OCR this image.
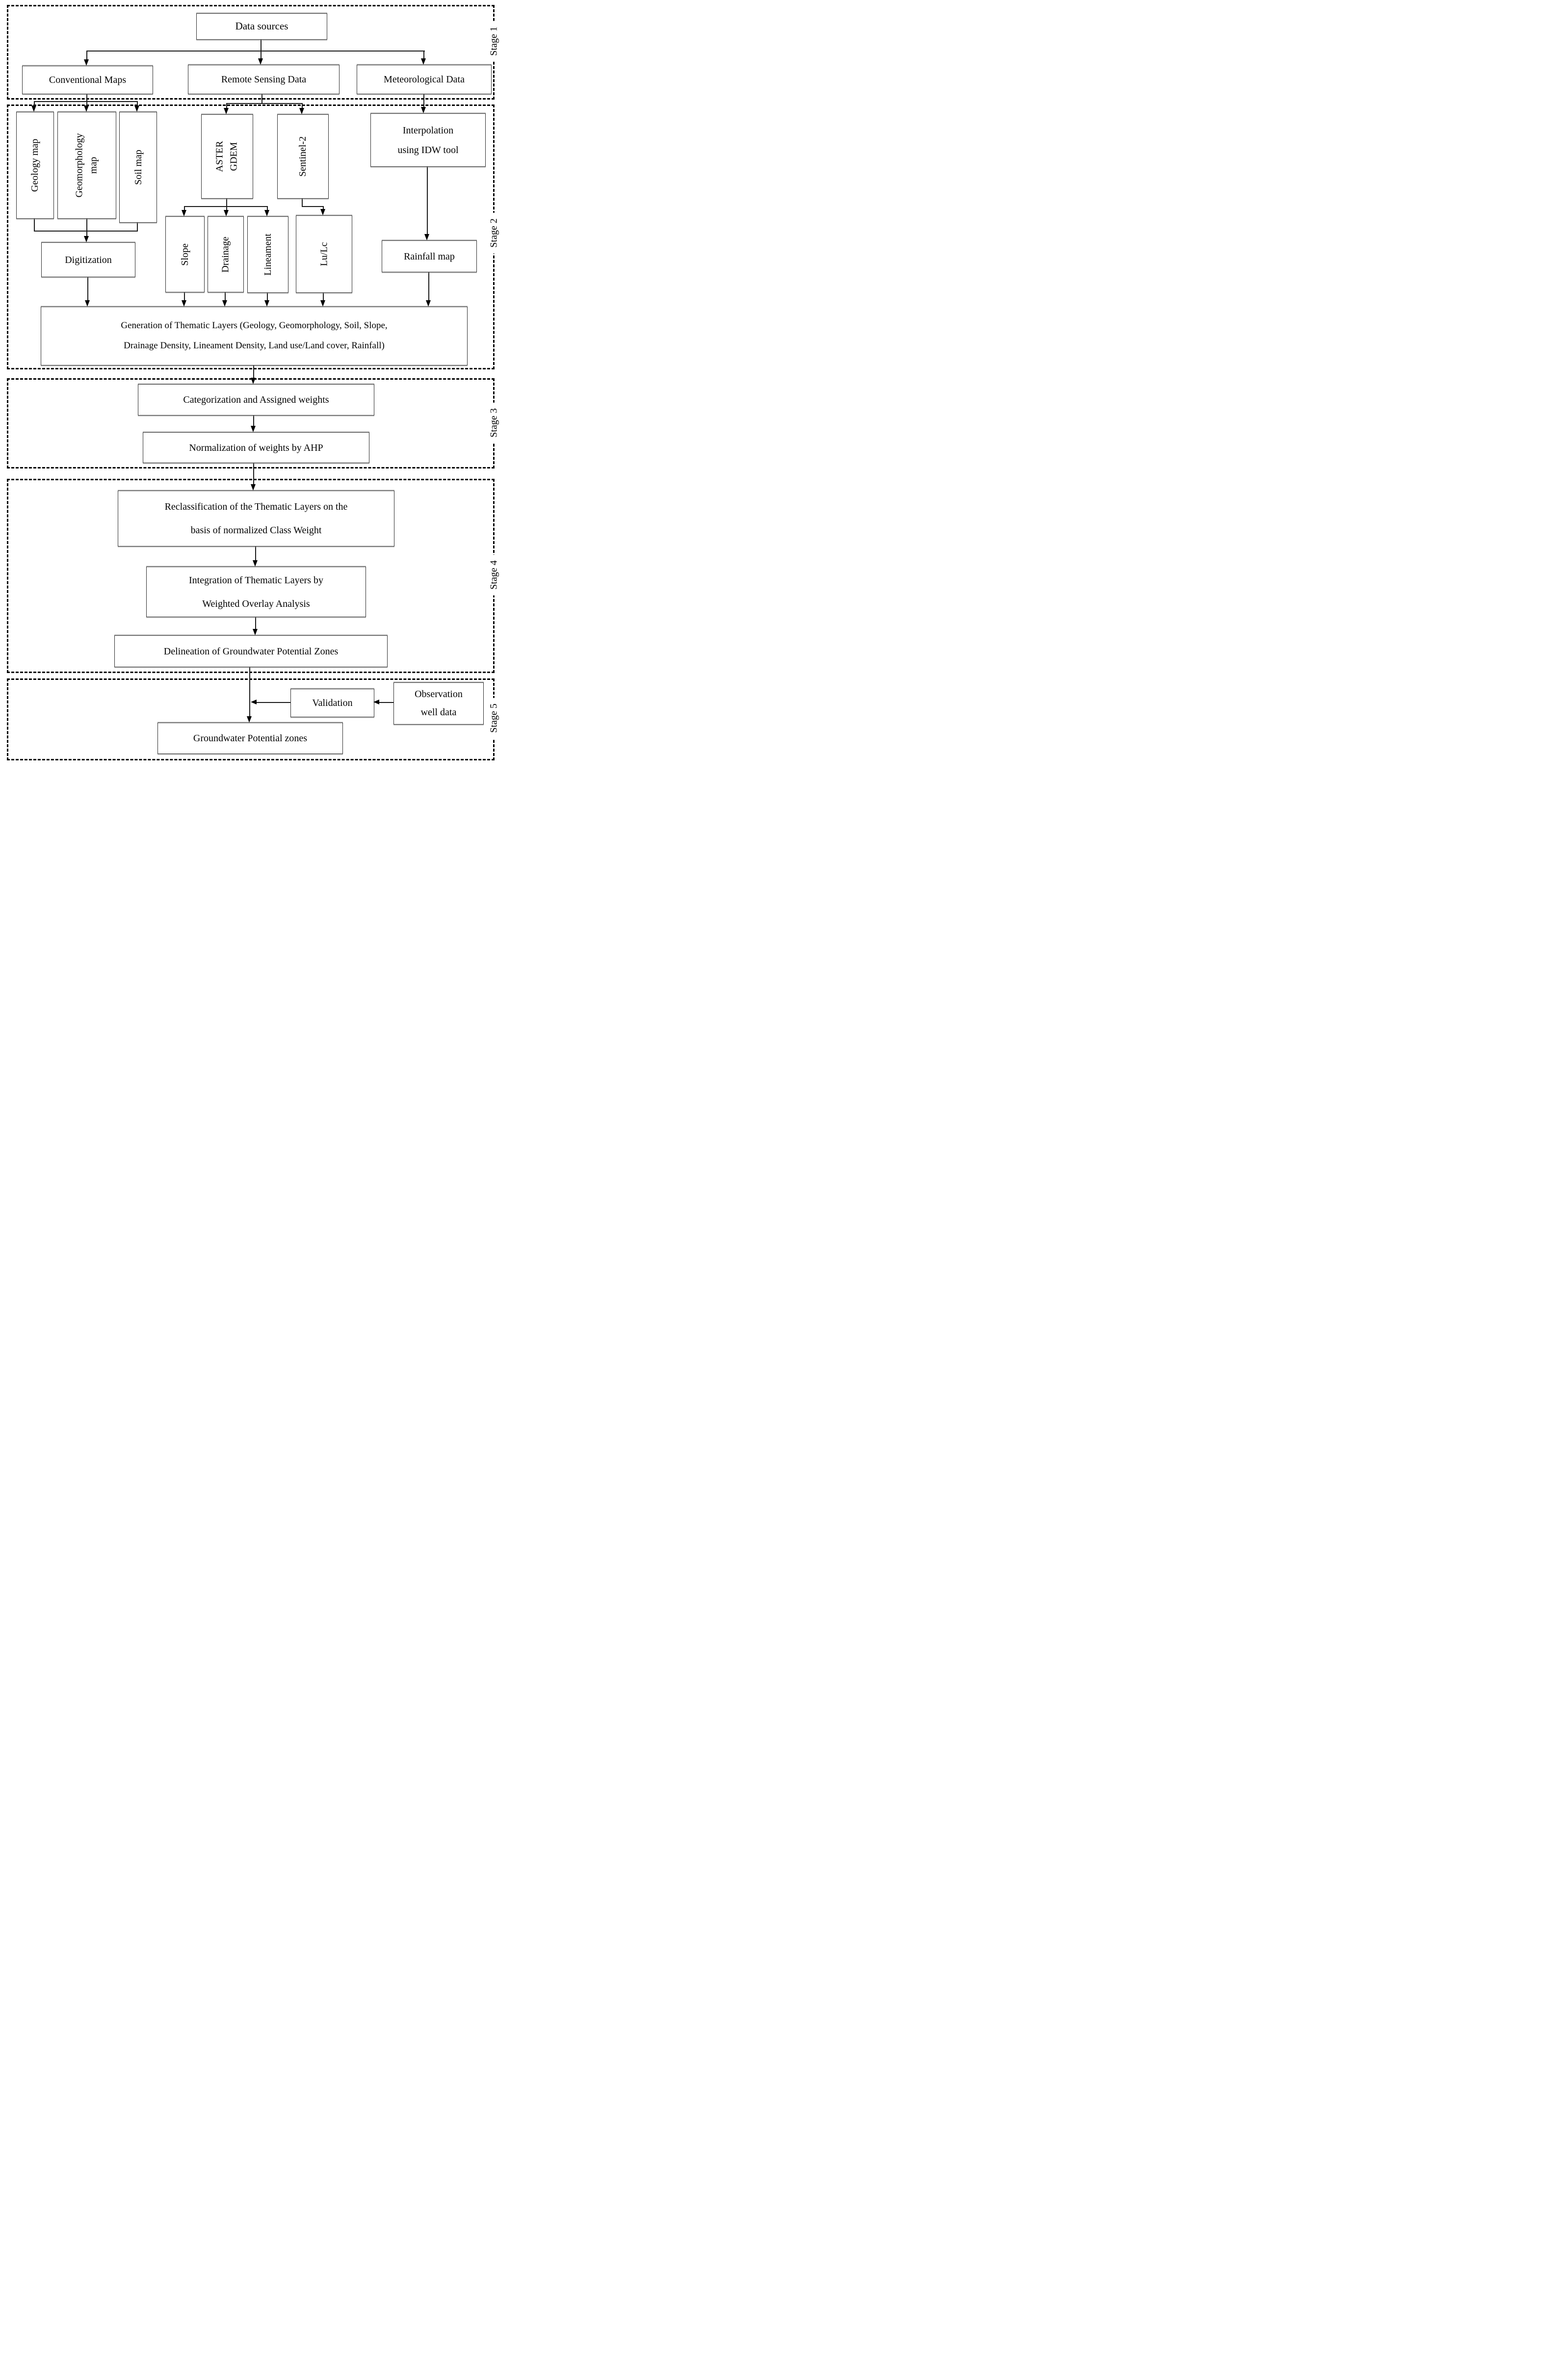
Stage 1
Stage 2
Stage 3
Stage 4
Stage 5
Data sources
Conventional Maps	Remote Sensing Data	Meteorological Data
Geology map	Geomorphology map	Soil map	ASTER GDEM	Sentinel-2
Interpolation
using IDW tool
Slope	Drainage	Lineament	Lu/Lc
Digitization	Rainfall map
Generation of Thematic Layers (Geology, Geomorphology, Soil, Slope,
Drainage Density, Lineament Density, Land use/Land cover, Rainfall)
Categorization and Assigned weights
Normalization of weights by AHP
Reclassification of the Thematic Layers on the
basis of normalized Class Weight
Integration of Thematic Layers by
Weighted Overlay Analysis
Delineation of Groundwater Potential Zones
Validation
Observation
well data
Groundwater Potential zones
